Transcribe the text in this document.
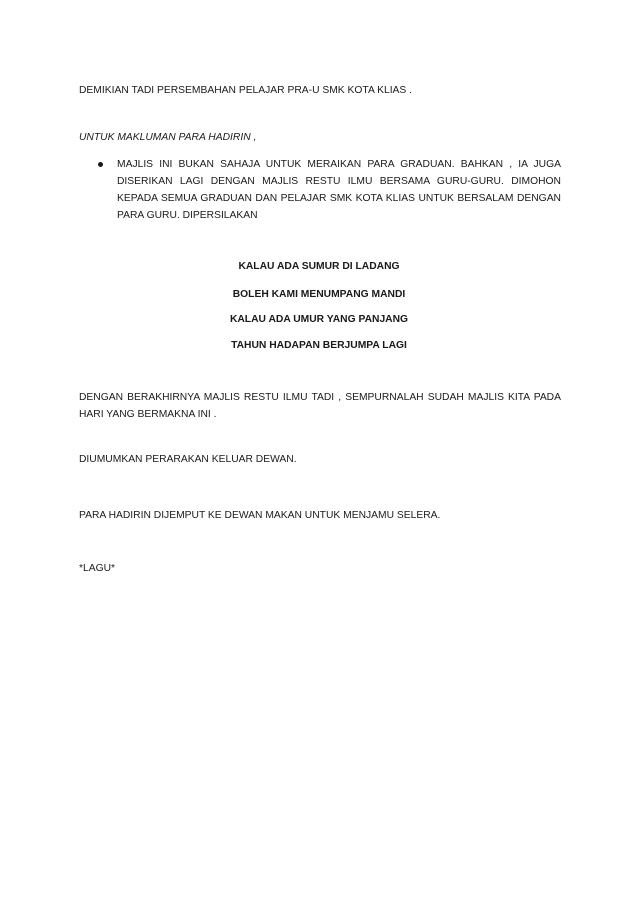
DEMIKIAN TADI PERSEMBAHAN PELAJAR PRA-U SMK KOTA KLIAS .

UNTUK MAKLUMAN PARA HADIRIN ,

MAJLIS INI BUKAN SAHAJA UNTUK MERAIKAN PARA GRADUAN. BAHKAN , IA JUGA DISERIKAN LAGI DENGAN MAJLIS RESTU ILMU BERSAMA GURU-GURU. DIMOHON KEPADA SEMUA GRADUAN DAN PELAJAR SMK KOTA KLIAS UNTUK BERSALAM DENGAN PARA GURU. DIPERSILAKAN

KALAU ADA SUMUR DI LADANG

BOLEH KAMI MENUMPANG MANDI

KALAU ADA UMUR YANG PANJANG

TAHUN HADAPAN BERJUMPA LAGI

DENGAN BERAKHIRNYA MAJLIS RESTU ILMU TADI , SEMPURNALAH SUDAH MAJLIS KITA PADA HARI YANG BERMAKNA INI .

DIUMUMKAN PERARAKAN KELUAR DEWAN.

PARA HADIRIN DIJEMPUT KE DEWAN MAKAN UNTUK MENJAMU SELERA.

*LAGU*
